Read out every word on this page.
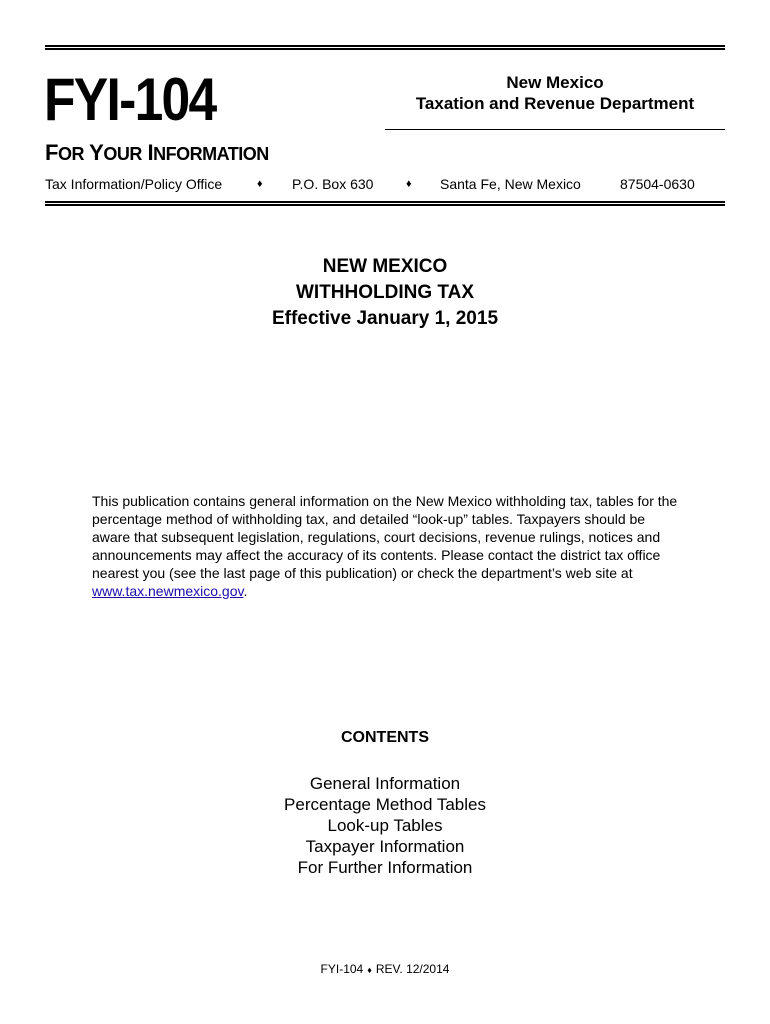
FYI-104	New Mexico
Taxation and Revenue Department
FOR YOUR INFORMATION
Tax Information/Policy Office	♦ P.O. Box 630	♦ Santa Fe, New Mexico	87504-0630
NEW MEXICO
WITHHOLDING TAX
Effective January 1, 2015

This publication contains general information on the New Mexico withholding tax, tables for the percentage method of withholding tax, and detailed “look-up” tables. Taxpayers should be aware that subsequent legislation, regulations, court decisions, revenue rulings, notices and announcements may affect the accuracy of its contents. Please contact the district tax office nearest you (see the last page of this publication) or check the department’s web site at www.tax.newmexico.gov.

CONTENTS
General Information
Percentage Method Tables
Look-up Tables
Taxpayer Information
For Further Information
FYI-104 ♦ REV. 12/2014
